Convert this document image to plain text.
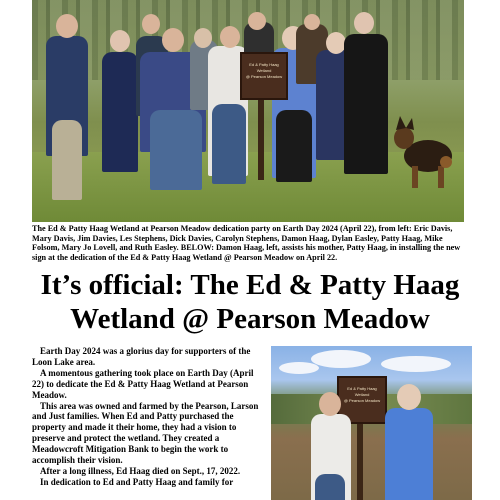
Ed & Patty Haag
Wetland
@ Pearson Meadow

The Ed & Patty Haag Wetland at Pearson Meadow dedication party on Earth Day 2024 (April 22), from left: Eric Davis, Mary Davis, Jim Davies, Les Stephens, Dick Davies, Carolyn Stephens, Damon Haag, Dylan Easley, Patty Haag, Mike Folsom, Mary Jo Lovell, and Ruth Easley. BELOW: Damon Haag, left, assists his mother, Patty Haag, in installing the new sign at the dedication of the Ed & Patty Haag Wetland @ Pearson Meadow on April 22.

It’s official: The Ed & Patty Haag
Wetland @ Pearson Meadow

Earth Day 2024 was a glorius day for supporters of the Loon Lake area.

A momentous gathering took place on Earth Day (April 22) to dedicate the Ed & Patty Haag Wetland at Pearson Meadow.

This area was owned and farmed by the Pearson, Larson and Just families. When Ed and Patty purchased the property and made it their home, they had a vision to preserve and protect the wetland. They created a Meadowcroft Mitigation Bank to begin the work to accomplish their vision.

After a long illness, Ed Haag died on Sept., 17, 2022.

In dedication to Ed and Patty Haag and family for

Ed & Patty Haag
Wetland
@ Pearson Meadow
